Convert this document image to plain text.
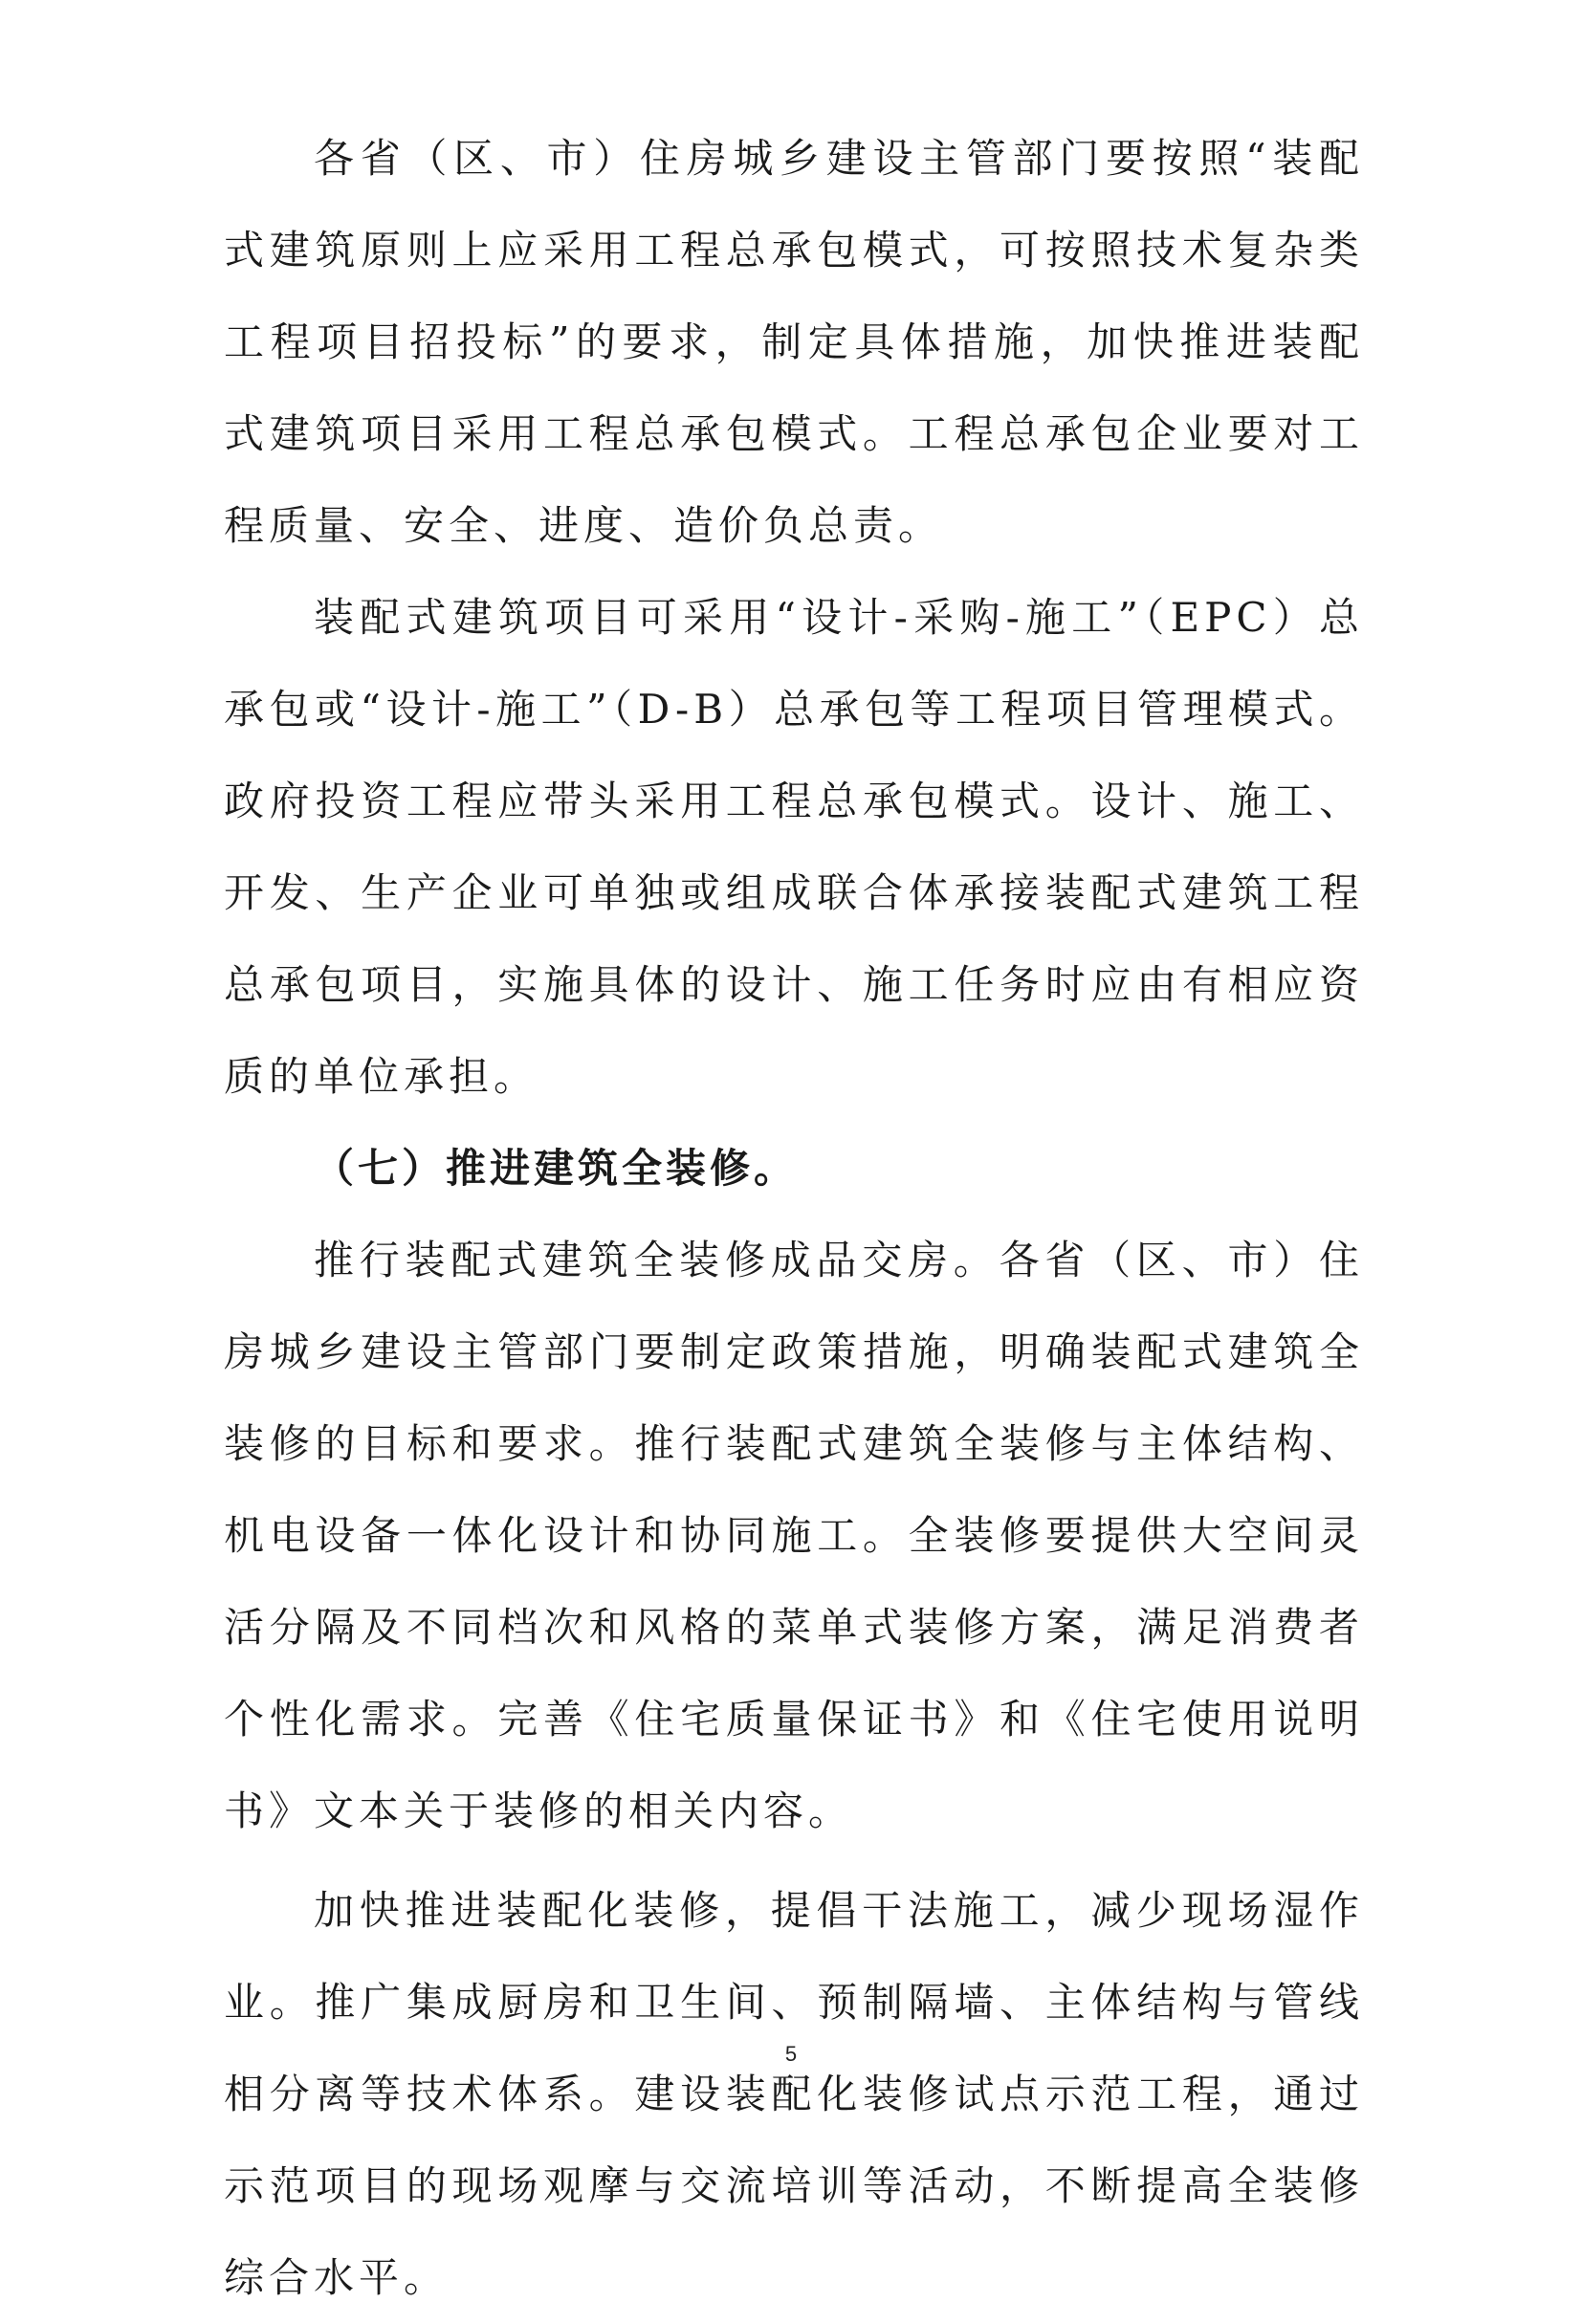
各省（区、市）住房城乡建设主管部门要按照“装配式建筑原则上应采用工程总承包模式，可按照技术复杂类工程项目招投标”的要求，制定具体措施，加快推进装配式建筑项目采用工程总承包模式。工程总承包企业要对工程质量、安全、进度、造价负总责。

装配式建筑项目可采用“设计-采购-施工”（EPC）总承包或“设计-施工”（D-B）总承包等工程项目管理模式。政府投资工程应带头采用工程总承包模式。设计、施工、开发、生产企业可单独或组成联合体承接装配式建筑工程总承包项目，实施具体的设计、施工任务时应由有相应资质的单位承担。

（七）推进建筑全装修。

推行装配式建筑全装修成品交房。各省（区、市）住房城乡建设主管部门要制定政策措施，明确装配式建筑全装修的目标和要求。推行装配式建筑全装修与主体结构、机电设备一体化设计和协同施工。全装修要提供大空间灵活分隔及不同档次和风格的菜单式装修方案，满足消费者个性化需求。完善《住宅质量保证书》和《住宅使用说明书》文本关于装修的相关内容。

加快推进装配化装修，提倡干法施工，减少现场湿作业。推广集成厨房和卫生间、预制隔墙、主体结构与管线相分离等技术体系。建设装配化装修试点示范工程，通过示范项目的现场观摩与交流培训等活动，不断提高全装修综合水平。

5
